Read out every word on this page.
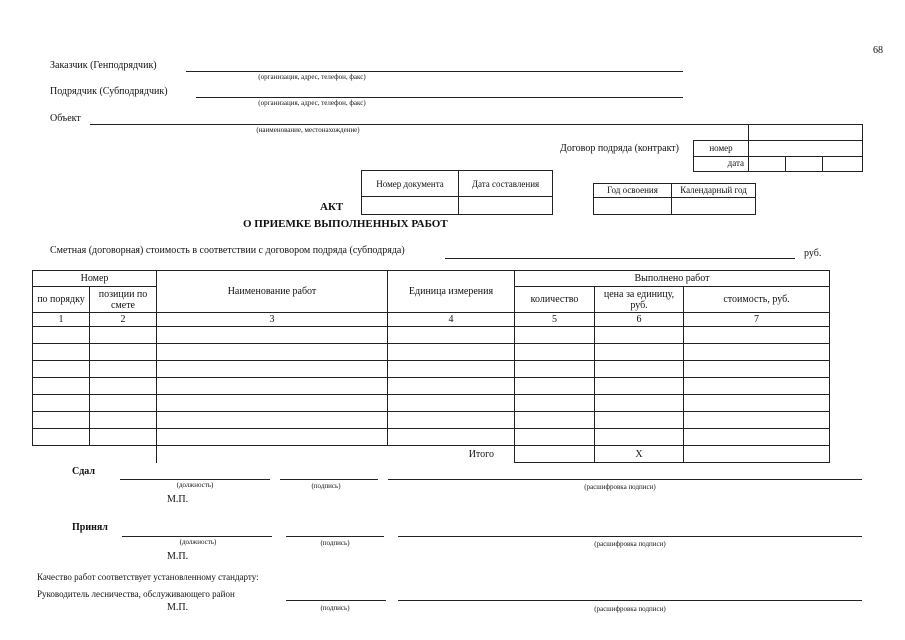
68
Заказчик (Генподрядчик)
(организация, адрес, телефон, факс)
Подрядчик (Субподрядчик)
(организация, адрес, телефон, факс)
Объект
(наименование, местонахождение)
Договор подряда (контракт)
		номер			
дата			
Номер документа	Дата составления

Год освоения	Календарный год

АКТ
О ПРИЕМКЕ ВЫПОЛНЕННЫХ РАБОТ
Сметная (договорная) стоимость в соответствии с договором подряда (субподряда)	руб.
Номер		Наименование работ	Единица измерения	Выполнено работ		
по порядку	позиции по смете			количество	цена за единицу, руб.	стоимость, руб.
1	2	3	4	5	6	7

			Итого		Х	
Сдал
(должность)	(подпись)	(расшифровка подписи)
М.П.
Принял
(должность)	(подпись)	(расшифровка подписи)
М.П.
Качество работ соответствует установленному стандарту:
Руководитель лесничества, обслуживающего район
М.П.	(подпись)	(расшифровка подписи)
